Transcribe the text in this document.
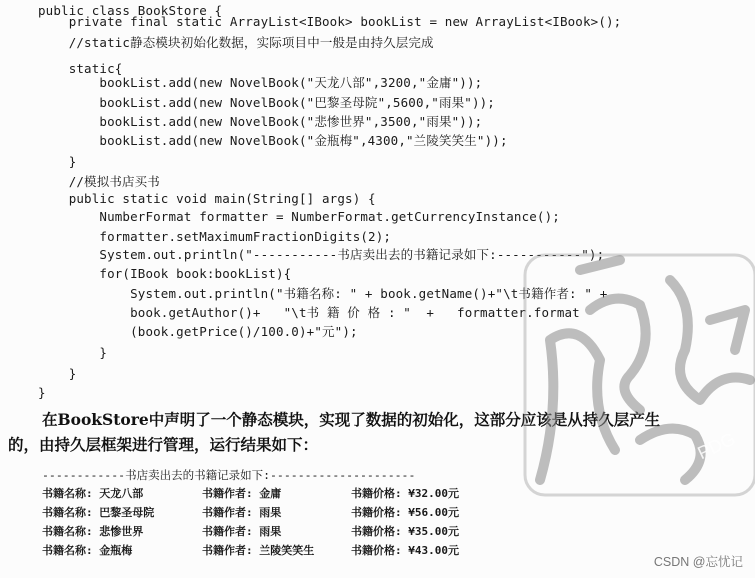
public class BookStore {
private final static ArrayList<IBook> bookList = new ArrayList<IBook>();
//static静态模块初始化数据，实际项目中一般是由持久层完成
static{
bookList.add(new NovelBook("天龙八部",3200,"金庸"));
bookList.add(new NovelBook("巴黎圣母院",5600,"雨果"));
bookList.add(new NovelBook("悲惨世界",3500,"雨果"));
bookList.add(new NovelBook("金瓶梅",4300,"兰陵笑笑生"));
}
//模拟书店买书
public static void main(String[] args) {
NumberFormat formatter = NumberFormat.getCurrencyInstance();
formatter.setMaximumFractionDigits(2);
System.out.println("-----------书店卖出去的书籍记录如下:-----------");
for(IBook book:bookList){
System.out.println("书籍名称: " + book.getName()+"\t书籍作者: " +
book.getAuthor()+   "\t书 籍 价 格 : "  +   formatter.format
(book.getPrice()/100.0)+"元");
}
}
}
在BookStore中声明了一个静态模块，实现了数据的初始化，这部分应该是从持久层产生
的，由持久层框架进行管理，运行结果如下：
------------书店卖出去的书籍记录如下:---------------------
书籍名称: 天龙八部	书籍作者: 金庸	书籍价格: ¥32.00元
书籍名称: 巴黎圣母院	书籍作者: 雨果	书籍价格: ¥56.00元
书籍名称: 悲惨世界	书籍作者: 雨果	书籍价格: ¥35.00元
书籍名称: 金瓶梅	书籍作者: 兰陵笑笑生	书籍价格: ¥43.00元
PDG
CSDN @忘忧记
